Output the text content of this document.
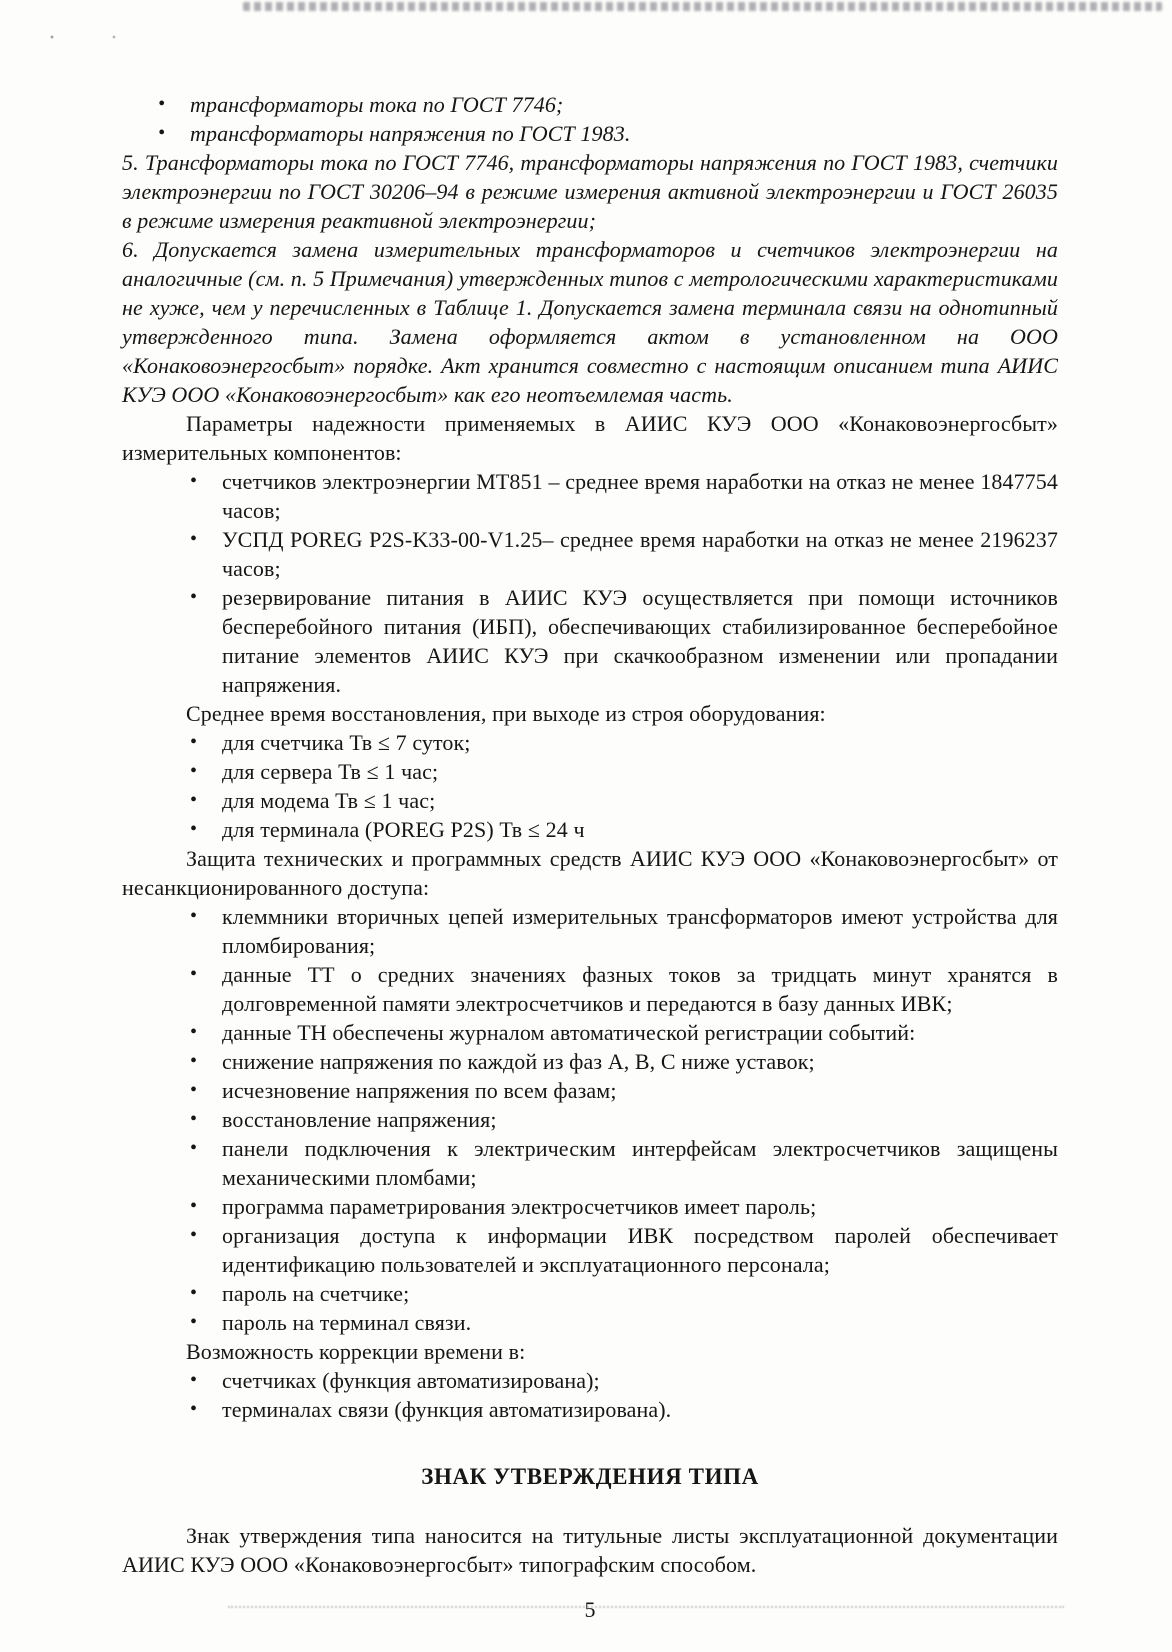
•	трансформаторы тока по ГОСТ 7746;
•	трансформаторы напряжения по ГОСТ 1983.

5. Трансформаторы тока по ГОСТ 7746, трансформаторы напряжения по ГОСТ 1983, счетчики электроэнергии по ГОСТ 30206–94 в режиме измерения активной электроэнергии и ГОСТ 26035 в режиме измерения реактивной электроэнергии;

6. Допускается замена измерительных трансформаторов и счетчиков электроэнергии на аналогичные (см. п. 5 Примечания) утвержденных типов с метрологическими характеристиками не хуже, чем у перечисленных в Таблице 1. Допускается замена терминала связи на однотипный утвержденного типа. Замена оформляется актом в установленном на ООО «Конаковоэнергосбыт» порядке. Акт хранится совместно с настоящим описанием типа АИИС КУЭ ООО «Конаковоэнергосбыт» как его неотъемлемая часть.

Параметры надежности применяемых в АИИС КУЭ ООО «Конаковоэнергосбыт» измерительных компонентов:

•	счетчиков электроэнергии МТ851 – среднее время наработки на отказ не менее 1847754 часов;
•	УСПД POREG P2S-K33-00-V1.25– среднее время наработки на отказ не менее 2196237 часов;
•	резервирование питания в АИИС КУЭ осуществляется при помощи источников бесперебойного питания (ИБП), обеспечивающих стабилизированное бесперебойное питание элементов АИИС КУЭ при скачкообразном изменении или пропадании напряжения.

Среднее время восстановления, при выходе из строя оборудования:

•	для счетчика Тв ≤ 7 суток;
•	для сервера Тв ≤ 1 час;
•	для модема Тв ≤ 1 час;
•	для терминала (POREG P2S) Тв ≤ 24 ч

Защита технических и программных средств АИИС КУЭ ООО «Конаковоэнергосбыт» от несанкционированного доступа:

•	клеммники вторичных цепей измерительных трансформаторов имеют устройства для пломбирования;
•	данные ТТ о средних значениях фазных токов за тридцать минут хранятся в долговременной памяти электросчетчиков и передаются в базу данных ИВК;
•	данные ТН обеспечены журналом автоматической регистрации событий:
•	снижение напряжения по каждой из фаз А, В, С ниже уставок;
•	исчезновение напряжения по всем фазам;
•	восстановление напряжения;
•	панели подключения к электрическим интерфейсам электросчетчиков защищены механическими пломбами;
•	программа параметрирования электросчетчиков имеет пароль;
•	организация доступа к информации ИВК посредством паролей обеспечивает идентификацию пользователей и эксплуатационного персонала;
•	пароль на счетчике;
•	пароль на терминал связи.

Возможность коррекции времени в:

•	счетчиках (функция автоматизирована);
•	терминалах связи (функция автоматизирована).
ЗНАК УТВЕРЖДЕНИЯ ТИПА

Знак утверждения типа наносится на титульные листы эксплуатационной документации АИИС КУЭ ООО «Конаковоэнергосбыт» типографским способом.

5
